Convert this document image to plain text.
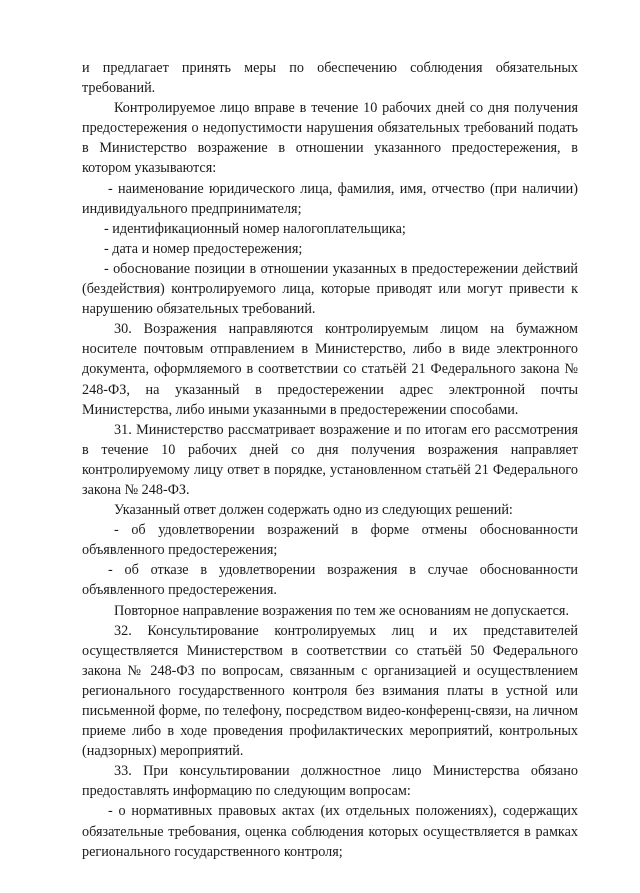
и предлагает принять меры по обеспечению соблюдения обязательных требований.

Контролируемое лицо вправе в течение 10 рабочих дней со дня получения предостережения о недопустимости нарушения обязательных требований подать в Министерство возражение в отношении указанного предостережения, в котором указываются:

- наименование юридического лица, фамилия, имя, отчество (при наличии) индивидуального предпринимателя;

- идентификационный номер налогоплательщика;

- дата и номер предостережения;

- обоснование позиции в отношении указанных в предостережении действий (бездействия) контролируемого лица, которые приводят или могут привести к нарушению обязательных требований.

30. Возражения направляются контролируемым лицом на бумажном носителе почтовым отправлением в Министерство, либо в виде электронного документа, оформляемого в соответствии со статьёй 21 Федерального закона № 248-ФЗ, на указанный в предостережении адрес электронной почты Министерства, либо иными указанными в предостережении способами.

31. Министерство рассматривает возражение и по итогам его рассмотрения в течение 10 рабочих дней со дня получения возражения направляет контролируемому лицу ответ в порядке, установленном статьёй 21 Федерального закона № 248-ФЗ.

Указанный ответ должен содержать одно из следующих решений:

- об удовлетворении возражений в форме отмены обоснованности объявленного предостережения;

- об отказе в удовлетворении возражения в случае обоснованности объявленного предостережения.

Повторное направление возражения по тем же основаниям не допускается.

32. Консультирование контролируемых лиц и их представителей осуществляется Министерством в соответствии со статьёй 50 Федерального закона № 248-ФЗ по вопросам, связанным с организацией и осуществлением регионального государственного контроля без взимания платы в устной или письменной форме, по телефону, посредством видео-конференц-связи, на личном приеме либо в ходе проведения профилактических мероприятий, контрольных (надзорных) мероприятий.

33. При консультировании должностное лицо Министерства обязано предоставлять информацию по следующим вопросам:

- о нормативных правовых актах (их отдельных положениях), содержащих обязательные требования, оценка соблюдения которых осуществляется в рамках регионального государственного контроля;
